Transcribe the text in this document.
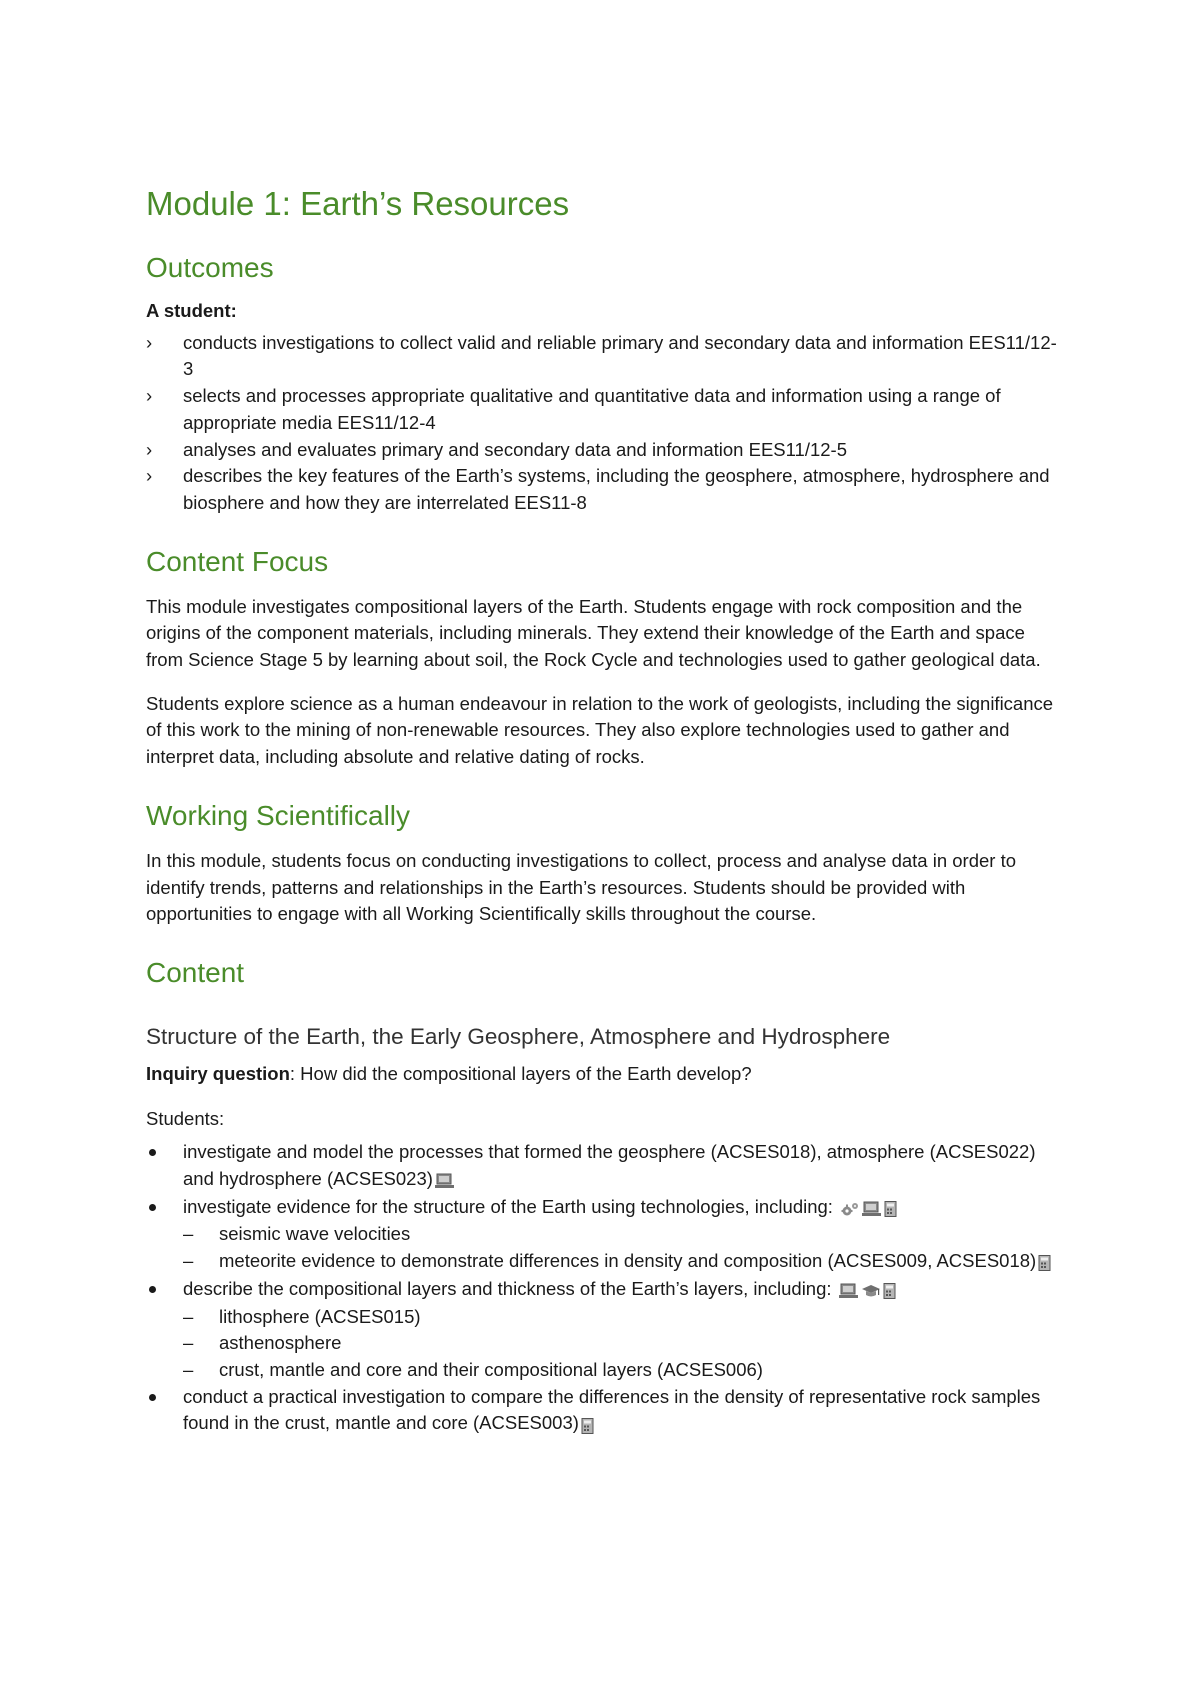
Module 1: Earth’s Resources
Outcomes

A student:

› conducts investigations to collect valid and reliable primary and secondary data and information EES11/12-3
› selects and processes appropriate qualitative and quantitative data and information using a range of appropriate media EES11/12-4
› analyses and evaluates primary and secondary data and information EES11/12-5
› describes the key features of the Earth’s systems, including the geosphere, atmosphere, hydrosphere and biosphere and how they are interrelated EES11-8
Content Focus

This module investigates compositional layers of the Earth. Students engage with rock composition and the origins of the component materials, including minerals. They extend their knowledge of the Earth and space from Science Stage 5 by learning about soil, the Rock Cycle and technologies used to gather geological data.

Students explore science as a human endeavour in relation to the work of geologists, including the significance of this work to the mining of non-renewable resources. They also explore technologies used to gather and interpret data, including absolute and relative dating of rocks.

Working Scientifically

In this module, students focus on conducting investigations to collect, process and analyse data in order to identify trends, patterns and relationships in the Earth’s resources. Students should be provided with opportunities to engage with all Working Scientifically skills throughout the course.

Content
Structure of the Earth, the Early Geosphere, Atmosphere and Hydrosphere

Inquiry question: How did the compositional layers of the Earth develop?

Students:

investigate and model the processes that formed the geosphere (ACSES018), atmosphere (ACSES022) and hydrosphere (ACSES023)
investigate evidence for the structure of the Earth using technologies, including:
– seismic wave velocities
– meteorite evidence to demonstrate differences in density and composition (ACSES009, ACSES018)
describe the compositional layers and thickness of the Earth’s layers, including:
– lithosphere (ACSES015)
– asthenosphere
– crust, mantle and core and their compositional layers (ACSES006)
conduct a practical investigation to compare the differences in the density of representative rock samples found in the crust, mantle and core (ACSES003)
